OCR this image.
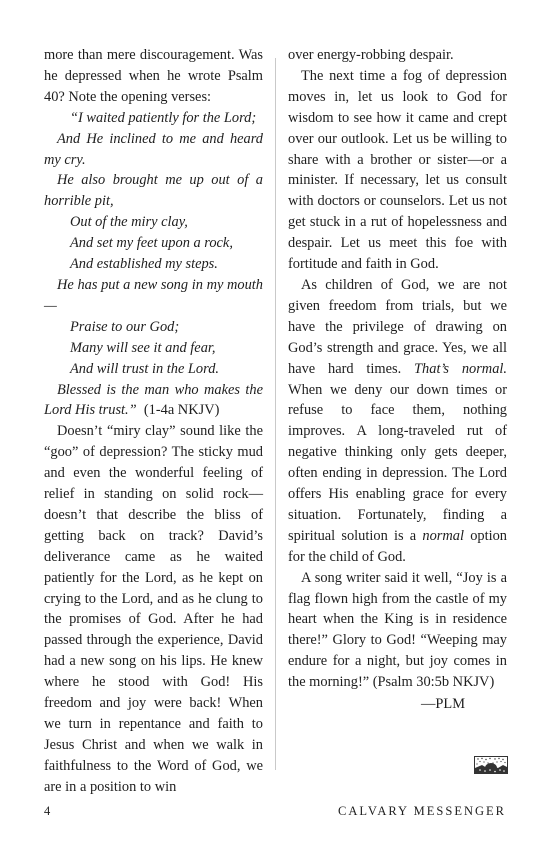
more than mere discouragement. Was he depressed when he wrote Psalm 40? Note the opening verses:

“I waited patiently for the Lord;

And He inclined to me and heard my cry.

He also brought me up out of a horrible pit,

Out of the miry clay,

And set my feet upon a rock,

And established my steps.

He has put a new song in my mouth—

Praise to our God;

Many will see it and fear,

And will trust in the Lord.

Blessed is the man who makes the Lord His trust.” (1-4a NKJV)

Doesn’t “miry clay” sound like the “goo” of depression? The sticky mud and even the wonderful feeling of relief in standing on solid rock—doesn’t that describe the bliss of getting back on track? David’s deliverance came as he waited patiently for the Lord, as he kept on crying to the Lord, and as he clung to the promises of God. After he had passed through the experience, David had a new song on his lips. He knew where he stood with God! His freedom and joy were back! When we turn in repentance and faith to Jesus Christ and when we walk in faithfulness to the Word of God, we are in a position to win

over energy-robbing despair.

The next time a fog of depression moves in, let us look to God for wisdom to see how it came and crept over our outlook. Let us be willing to share with a brother or sister—or a minister. If necessary, let us consult with doctors or counselors. Let us not get stuck in a rut of hopelessness and despair. Let us meet this foe with fortitude and faith in God.

As children of God, we are not given freedom from trials, but we have the privilege of drawing on God’s strength and grace. Yes, we all have hard times. That’s normal. When we deny our down times or refuse to face them, nothing improves. A long-traveled rut of negative thinking only gets deeper, often ending in depression. The Lord offers His enabling grace for every situation. Fortunately, finding a spiritual solution is a normal option for the child of God.

A song writer said it well, “Joy is a flag flown high from the castle of my heart when the King is in residence there!” Glory to God! “Weeping may endure for a night, but joy comes in the morning!” (Psalm 30:5b NKJV)

—PLM
4	CALVARY MESSENGER
